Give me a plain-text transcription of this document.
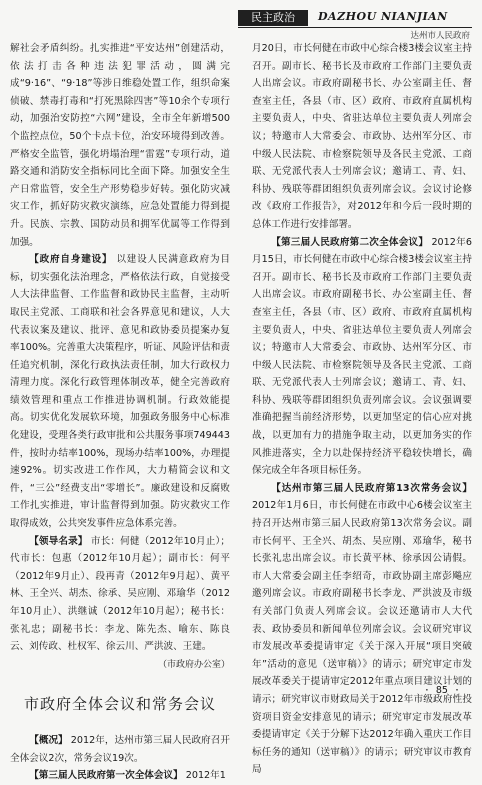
民主政治	DAZHOU NIANJIAN
达州市人民政府

解社会矛盾纠纷。扎实推进“平安达州”创建活动，依法打击各种违法犯罪活动，圆满完成“9·16”、“9·18”等涉日维稳处置工作，组织命案侦破、禁毒打毒和“打死黑除四害”等10余个专项行动，加强治安防控“六网”建设，全市全年新增500个监控点位，50个卡点卡位，治安环境得到改善。严格安全监管，强化坍塌治理“雷霆”专项行动，道路交通和消防安全指标同比全面下降。加强安全生产日常监管，安全生产形势稳步好转。强化防灾减灾工作，抓好防灾救灾演练，应急处置能力得到提升。民族、宗教、国防动员和拥军优属等工作得到加强。

【政府自身建设】 以建设人民满意政府为目标，切实强化法治理念，严格依法行政，自觉接受人大法律监督、工作监督和政协民主监督，主动听取民主党派、工商联和社会各界意见和建议，人大代表议案及建议、批评、意见和政协委员提案办复率100%。完善重大决策程序，听证、风险评估和责任追究机制，深化行政执法责任制，加大行政权力清理力度。深化行政管理体制改革，健全完善政府绩效管理和重点工作推进协调机制。行政效能提高。切实优化发展软环境，加强政务服务中心标准化建设，受理各类行政审批和公共服务事项749443件，按时办结率100%，现场办结率100%，办理提速92%。切实改进工作作风，大力精简会议和文件，“三公”经费支出“零增长”。廉政建设和反腐败工作扎实推进，审计监督得到加强。防灾救灾工作取得成效，公共突发事件应急体系完善。

【领导名录】 市长：何健（2012年10月止）；代市长：包惠（2012年10月起）；副市长：何平（2012年9月止）、段再青（2012年9月起）、黄平林、王全兴、胡杰、徐承、吴应刚、邓瑜华（2012年10月止）、洪继诚（2012年10月起）；秘书长：张礼忠；副秘书长：李龙、陈先杰、喻东、陈良云、刘传政、杜权军、徐云川、严洪波、王建。

（市政府办公室）
市政府全体会议和常务会议

【概况】 2012年，达州市第三届人民政府召开全体会议2次，常务会议19次。

【第三届人民政府第一次全体会议】 2012年1

月20日，市长何健在市政中心综合楼3楼会议室主持召开。副市长、秘书长及市政府工作部门主要负责人出席会议。市政府副秘书长、办公室副主任、督查室主任，各县（市、区）政府、市政府直属机构主要负责人，中央、省驻达单位主要负责人列席会议；特邀市人大常委会、市政协、达州军分区、市中级人民法院、市检察院领导及各民主党派、工商联、无党派代表人士列席会议；邀请工、青、妇、科协、残联等群团组织负责列席会议。会议讨论修改《政府工作报告》，对2012年和今后一段时期的总体工作进行安排部署。

【第三届人民政府第二次全体会议】 2012年6月15日，市长何健在市政中心综合楼3楼会议室主持召开。副市长、秘书长及市政府工作部门主要负责人出席会议。市政府副秘书长、办公室副主任、督查室主任，各县（市、区）政府、市政府直属机构主要负责人，中央、省驻达单位主要负责人列席会议；特邀市人大常委会、市政协、达州军分区、市中级人民法院、市检察院领导及各民主党派、工商联、无党派代表人士列席会议；邀请工、青、妇、科协、残联等群团组织负责列席会议。会议强调要准确把握当前经济形势，以更加坚定的信心应对挑战，以更加有力的措施争取主动，以更加务实的作风推进落实，全力以赴保持经济平稳较快增长，确保完成全年各项目标任务。

【达州市第三届人民政府第13次常务会议】 2012年1月6日，市长何健在市政中心6楼会议室主持召开达州市第三届人民政府第13次常务会议。副市长何平、王全兴、胡杰、吴应刚、邓瑜华，秘书长张礼忠出席会议。市长黄平林、徐承因公请假。市人大常委会副主任李绍奇，市政协副主席彭飚应邀列席会议。市政府副秘书长李龙、严洪波及市级有关部门负责人列席会议。会议还邀请市人大代表、政协委员和新闻单位列席会议。会议研究审议市发展改革委提请审定《关于深入开展“项目突破年”活动的意见（送审稿）》的请示；研究审定市发展改革委关于提请审定2012年重点项目建议计划的请示；研究审议市财政局关于2012年市级政府性投资项目资金安排意见的请示；研究审定市发展改革委提请审定《关于分解下达2012年确入重庆工作目标任务的通知（送审稿）》的请示；研究审议市教育局

· 85 ·
